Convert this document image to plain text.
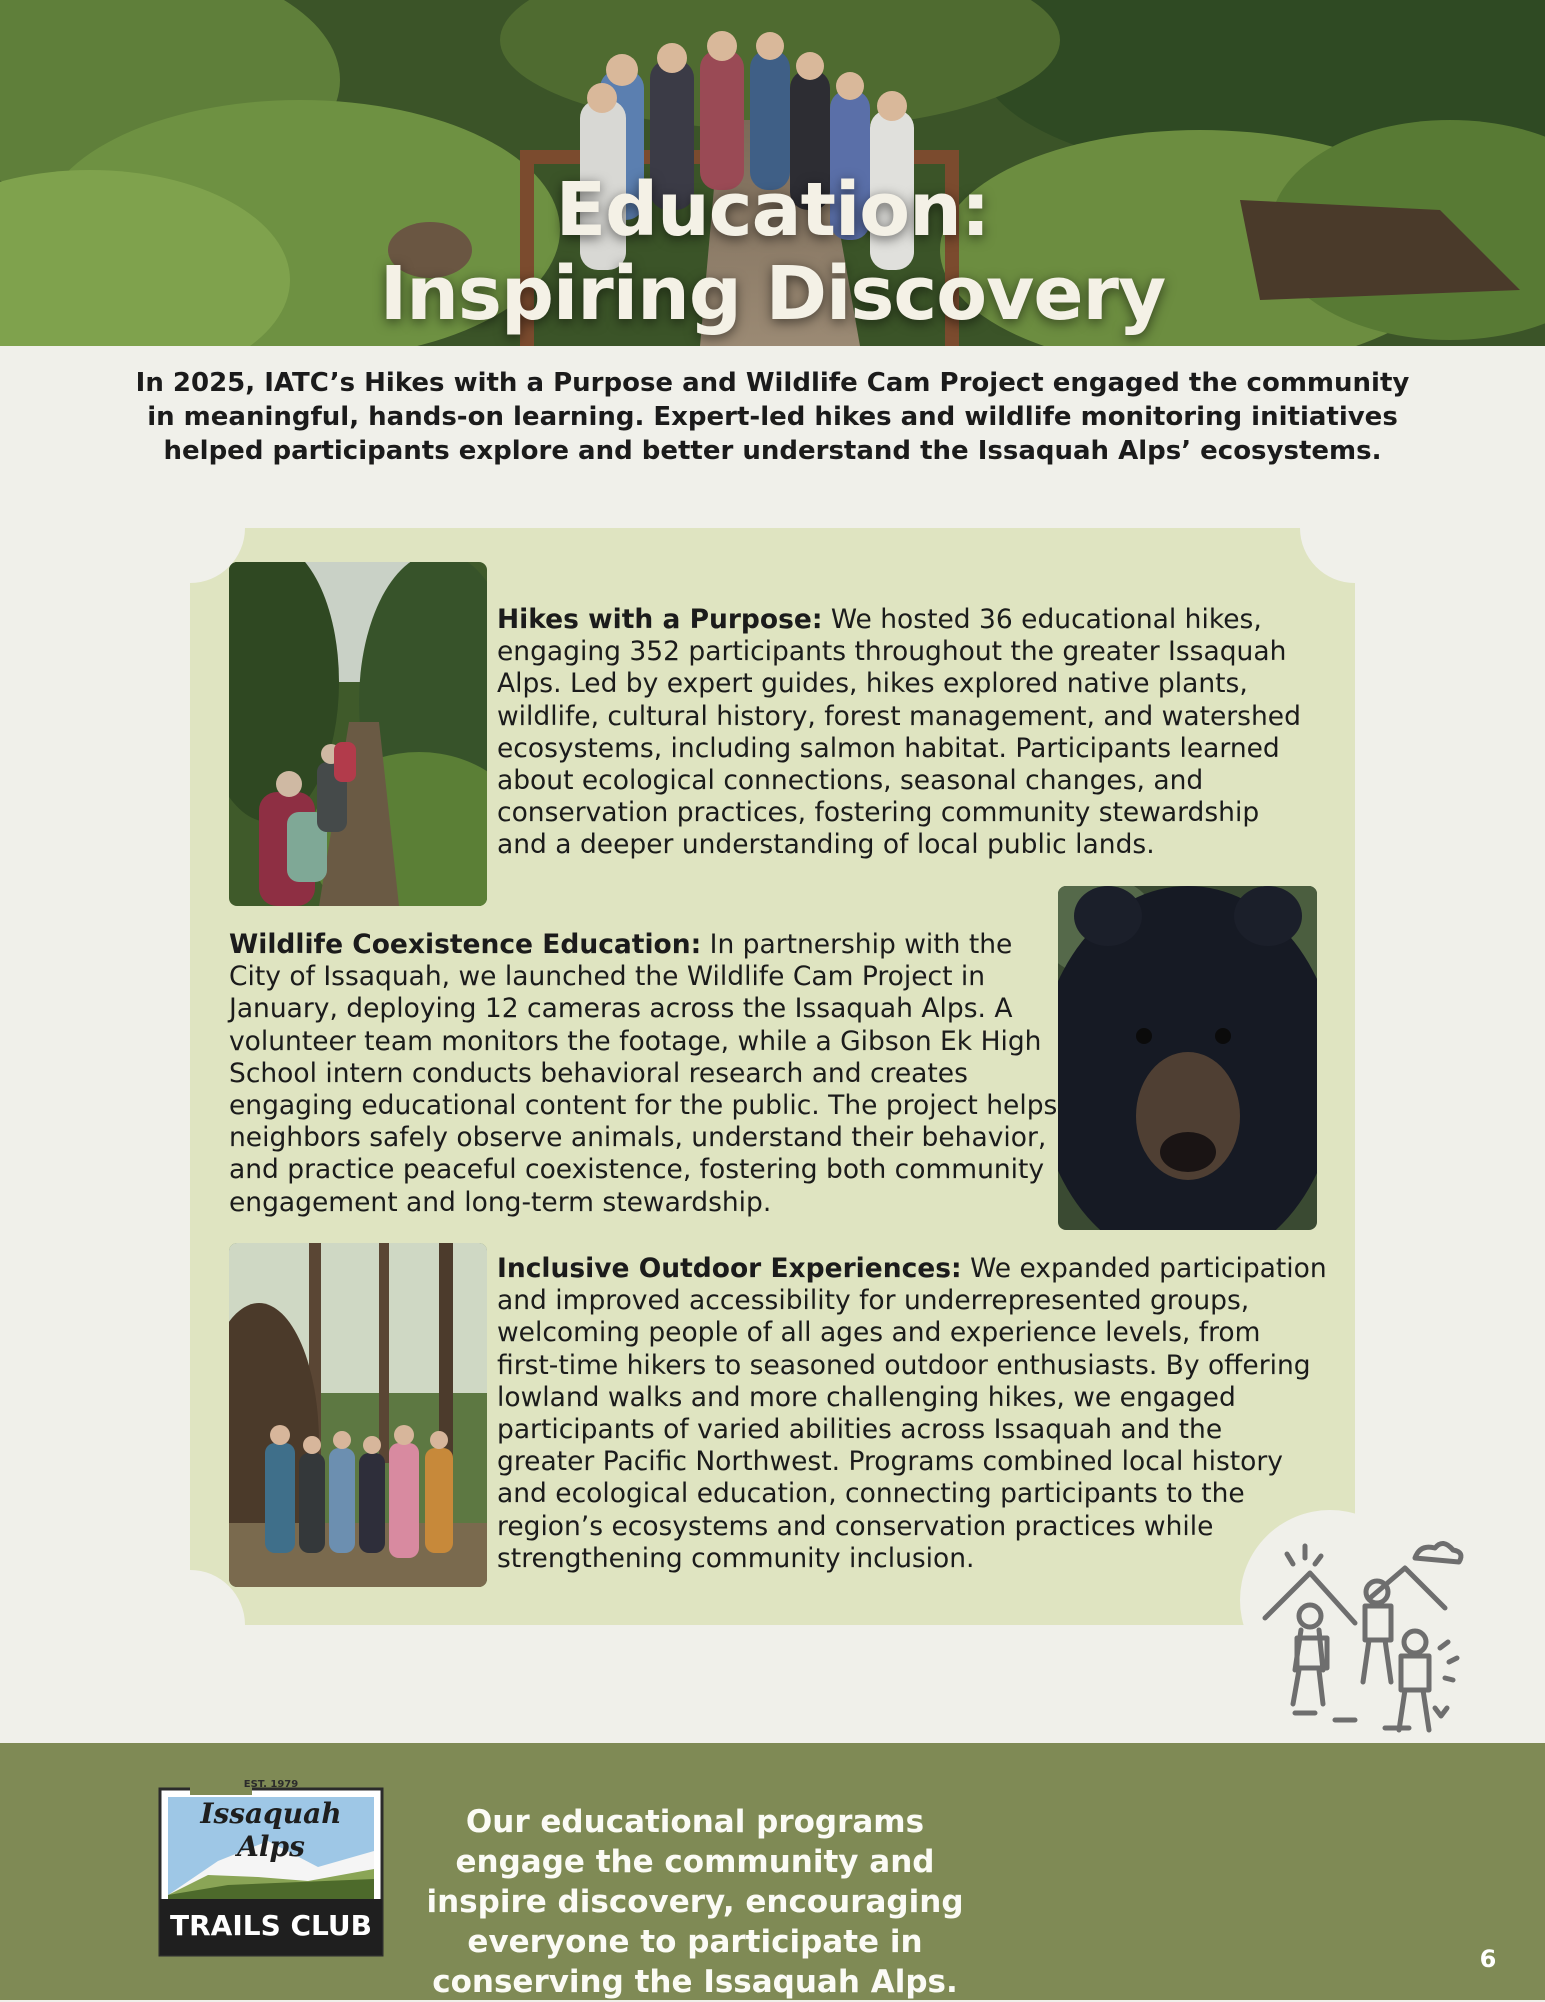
Education:
Inspiring Discovery
In 2025, IATC’s Hikes with a Purpose and Wildlife Cam Project engaged the community in meaningful, hands-on learning. Expert-led hikes and wildlife monitoring initiatives helped participants explore and better understand the Issaquah Alps’ ecosystems.
Hikes with a Purpose: We hosted 36 educational hikes, engaging 352 participants throughout the greater Issaquah Alps. Led by expert guides, hikes explored native plants, wildlife, cultural history, forest management, and watershed ecosystems, including salmon habitat. Participants learned about ecological connections, seasonal changes, and conservation practices, fostering community stewardship and a deeper understanding of local public lands.
Wildlife Coexistence Education: In partnership with the City of Issaquah, we launched the Wildlife Cam Project in January, deploying 12 cameras across the Issaquah Alps. A volunteer team monitors the footage, while a Gibson Ek High School intern conducts behavioral research and creates engaging educational content for the public. The project helps neighbors safely observe animals, understand their behavior, and practice peaceful coexistence, fostering both community engagement and long-term stewardship.
Inclusive Outdoor Experiences: We expanded participation and improved accessibility for underrepresented groups, welcoming people of all ages and experience levels, from first-time hikers to seasoned outdoor enthusiasts. By offering lowland walks and more challenging hikes, we engaged participants of varied abilities across Issaquah and the greater Pacific Northwest. Programs combined local history and ecological education, connecting participants to the region’s ecosystems and conservation practices while strengthening community inclusion.
EST. 1979
Issaquah Alps
TRAILS CLUB
Our educational programs engage the community and inspire discovery, encouraging everyone to participate in conserving the Issaquah Alps.
6
